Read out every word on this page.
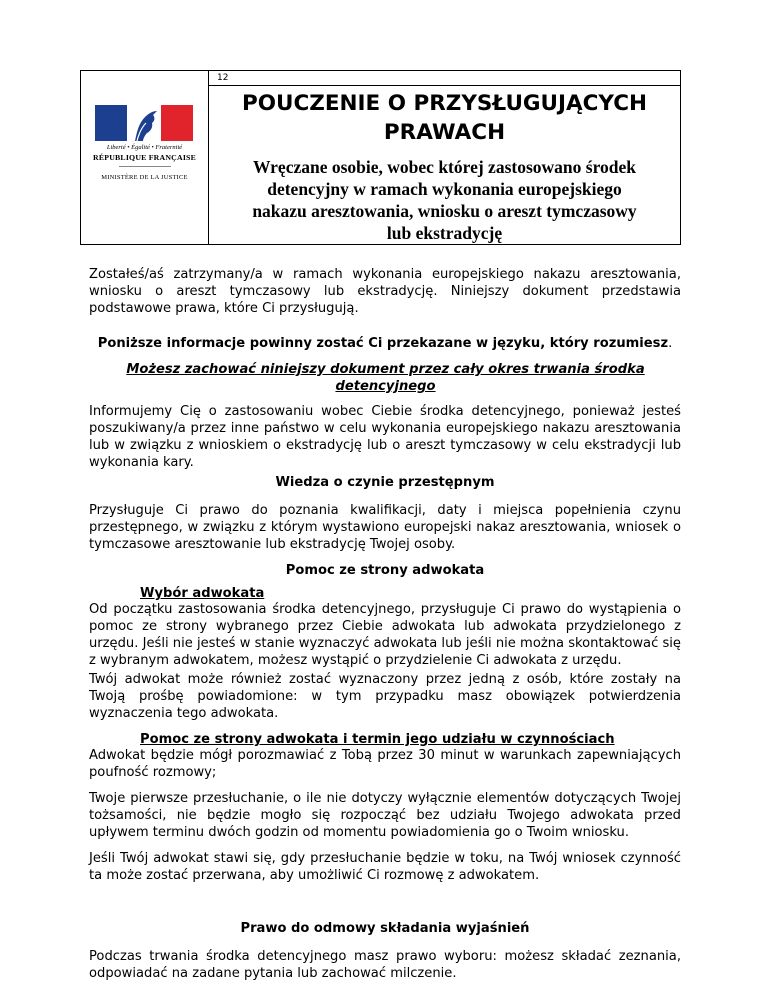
Liberté • Égalité • Fraternité
RÉPUBLIQUE FRANÇAISE
MINISTÈRE DE LA JUSTICE
12
POUCZENIE O PRZYSŁUGUJĄCYCH
PRAWACH
Wręczane osobie, wobec której zastosowano środek
detencyjny w ramach wykonania europejskiego
nakazu aresztowania, wniosku o areszt tymczasowy
lub ekstradycję
Zostałeś/aś zatrzymany/a w ramach wykonania europejskiego nakazu aresztowania, wniosku o areszt tymczasowy lub ekstradycję. Niniejszy dokument przedstawia podstawowe prawa, które Ci przysługują.
Poniższe informacje powinny zostać Ci przekazane w języku, który rozumiesz.
Możesz zachować niniejszy dokument przez cały okres trwania środka detencyjnego
Informujemy Cię o zastosowaniu wobec Ciebie środka detencyjnego, ponieważ jesteś poszukiwany/a przez inne państwo w celu wykonania europejskiego nakazu aresztowania lub w związku z wnioskiem o ekstradycję lub o areszt tymczasowy w celu ekstradycji lub wykonania kary.
Wiedza o czynie przestępnym
Przysługuje Ci prawo do poznania kwalifikacji, daty i miejsca popełnienia czynu przestępnego, w związku z którym wystawiono europejski nakaz aresztowania, wniosek o tymczasowe aresztowanie lub ekstradycję Twojej osoby.
Pomoc ze strony adwokata
Wybór adwokata
Od początku zastosowania środka detencyjnego, przysługuje Ci prawo do wystąpienia o pomoc ze strony wybranego przez Ciebie adwokata lub adwokata przydzielonego z urzędu. Jeśli nie jesteś w stanie wyznaczyć adwokata lub jeśli nie można skontaktować się z wybranym adwokatem, możesz wystąpić o przydzielenie Ci adwokata z urzędu.
Twój adwokat może również zostać wyznaczony przez jedną z osób, które zostały na Twoją prośbę powiadomione: w tym przypadku masz obowiązek potwierdzenia wyznaczenia tego adwokata.
Pomoc ze strony adwokata i termin jego udziału w czynnościach
Adwokat będzie mógł porozmawiać z Tobą przez 30 minut w warunkach zapewniających poufność rozmowy;
Twoje pierwsze przesłuchanie, o ile nie dotyczy wyłącznie elementów dotyczących Twojej tożsamości, nie będzie mogło się rozpocząć bez udziału Twojego adwokata przed upływem terminu dwóch godzin od momentu powiadomienia go o Twoim wniosku.
Jeśli Twój adwokat stawi się, gdy przesłuchanie będzie w toku, na Twój wniosek czynność ta może zostać przerwana, aby umożliwić Ci rozmowę z adwokatem.
Prawo do odmowy składania wyjaśnień
Podczas trwania środka detencyjnego masz prawo wyboru: możesz składać zeznania, odpowiadać na zadane pytania lub zachować milczenie.
